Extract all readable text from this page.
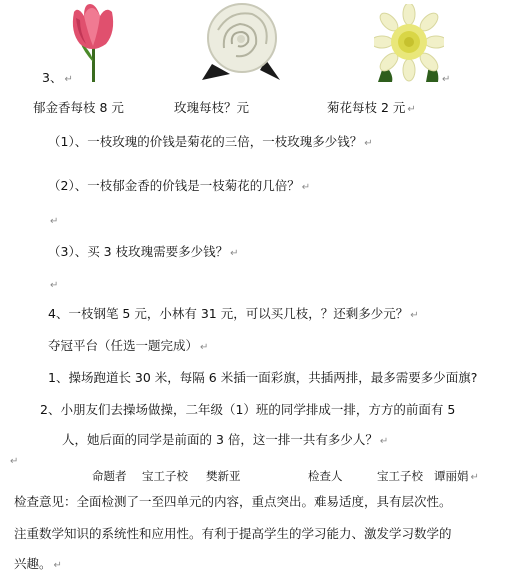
3、 ↵	↵
郁金香每枝 8 元	玫瑰每枝？元	菊花每枝 2 元 ↵
（1）、一枝玫瑰的价钱是菊花的三倍，一枝玫瑰多少钱？ ↵
（2）、一枝郁金香的价钱是一枝菊花的几倍？ ↵
↵
（3）、买 3 枝玫瑰需要多少钱？ ↵
↵
4、一枝钢笔 5 元，小林有 31 元，可以买几枝，？还剩多少元？ ↵
夺冠平台（任选一题完成） ↵
1、操场跑道长 30 米，每隔 6 米插一面彩旗，共插两排，最多需要多少面旗?
2、小朋友们去操场做操，二年级（1）班的同学排成一排，方方的前面有 5
人，她后面的同学是前面的 3 倍，这一排一共有多少人？ ↵
↵
命题者 宝工子校 樊新亚	检查人	宝工子校 谭丽娟 ↵
检查意见：全面检测了一至四单元的内容，重点突出。难易适度，具有层次性。
注重数学知识的系统性和应用性。有利于提高学生的学习能力、激发学习数学的
兴趣。 ↵
